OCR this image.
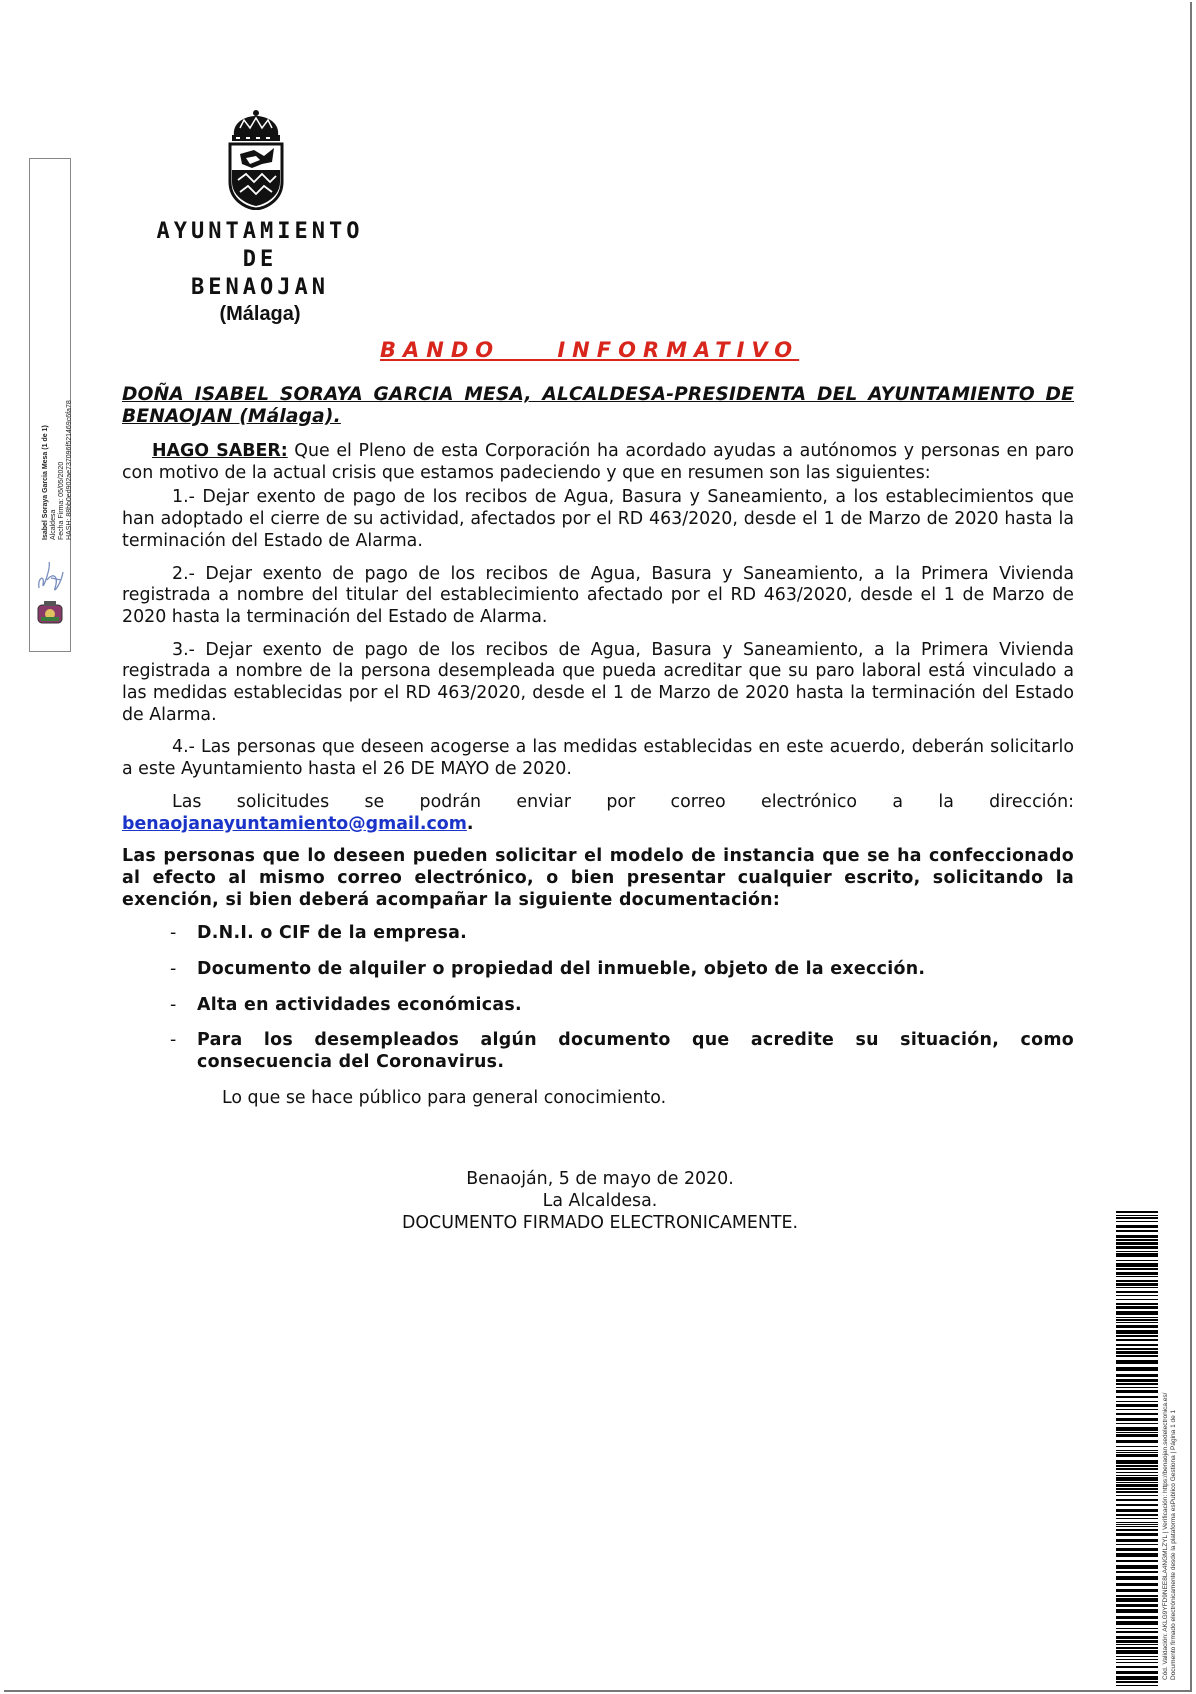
Isabel Soraya Garcia Mesa (1 de 1) Alcaldesa Fecha Firma: 05/05/2020 HASH: 88bb0ed902ae737096f521469c6fa78
AYUNTAMIENTO
DE
BENAOJAN
(Málaga)
BANDO    INFORMATIVO

DOÑA ISABEL SORAYA GARCIA MESA, ALCALDESA-PRESIDENTA DEL AYUNTAMIENTO DE BENAOJAN (Málaga).

HAGO SABER: Que el Pleno de esta Corporación ha acordado ayudas a autónomos y personas en paro con motivo de la actual crisis que estamos padeciendo y que en resumen son las siguientes:

1.- Dejar exento de pago de los recibos de Agua, Basura y Saneamiento, a los establecimientos que han adoptado el cierre de su actividad, afectados por el RD 463/2020, desde el 1 de Marzo de 2020 hasta la terminación del Estado de Alarma.

2.- Dejar exento de pago de los recibos de Agua, Basura y Saneamiento, a la Primera Vivienda registrada a nombre del titular del establecimiento afectado por el RD 463/2020, desde el 1 de Marzo de 2020 hasta la terminación del Estado de Alarma.

3.- Dejar exento de pago de los recibos de Agua, Basura y Saneamiento, a la Primera Vivienda registrada a nombre de la persona desempleada que pueda acreditar que su paro laboral está vinculado a las medidas establecidas por el RD 463/2020, desde el 1 de Marzo de 2020 hasta la terminación del Estado de Alarma.

4.- Las personas que deseen acogerse a las medidas establecidas en este acuerdo, deberán solicitarlo a este Ayuntamiento hasta el 26 DE MAYO de 2020.

Las solicitudes se podrán enviar por correo electrónico a la dirección:

benaojanayuntamiento@gmail.com.

Las personas que lo deseen pueden solicitar el modelo de instancia que se ha confeccionado al efecto al mismo correo electrónico, o bien presentar cualquier escrito, solicitando la exención, si bien deberá acompañar la siguiente documentación:

- D.N.I. o CIF de la empresa.
- Documento de alquiler o propiedad del inmueble, objeto de la exección.
- Alta en actividades económicas.
- Para los desempleados algún documento que acredite su situación, como consecuencia del Coronavirus.

Lo que se hace público para general conocimiento.

Benaoján, 5 de mayo de 2020.
La Alcaldesa.
DOCUMENTO FIRMADO ELECTRONICAMENTE.
Cód. Validación: AKLG9YFD9NEE8LA4NGMLZYL | Verificación: https://benaojan.sedelectronica.es/ Documento firmado electrónicamente desde la plataforma esPublico Gestiona | Página 1 de 1
